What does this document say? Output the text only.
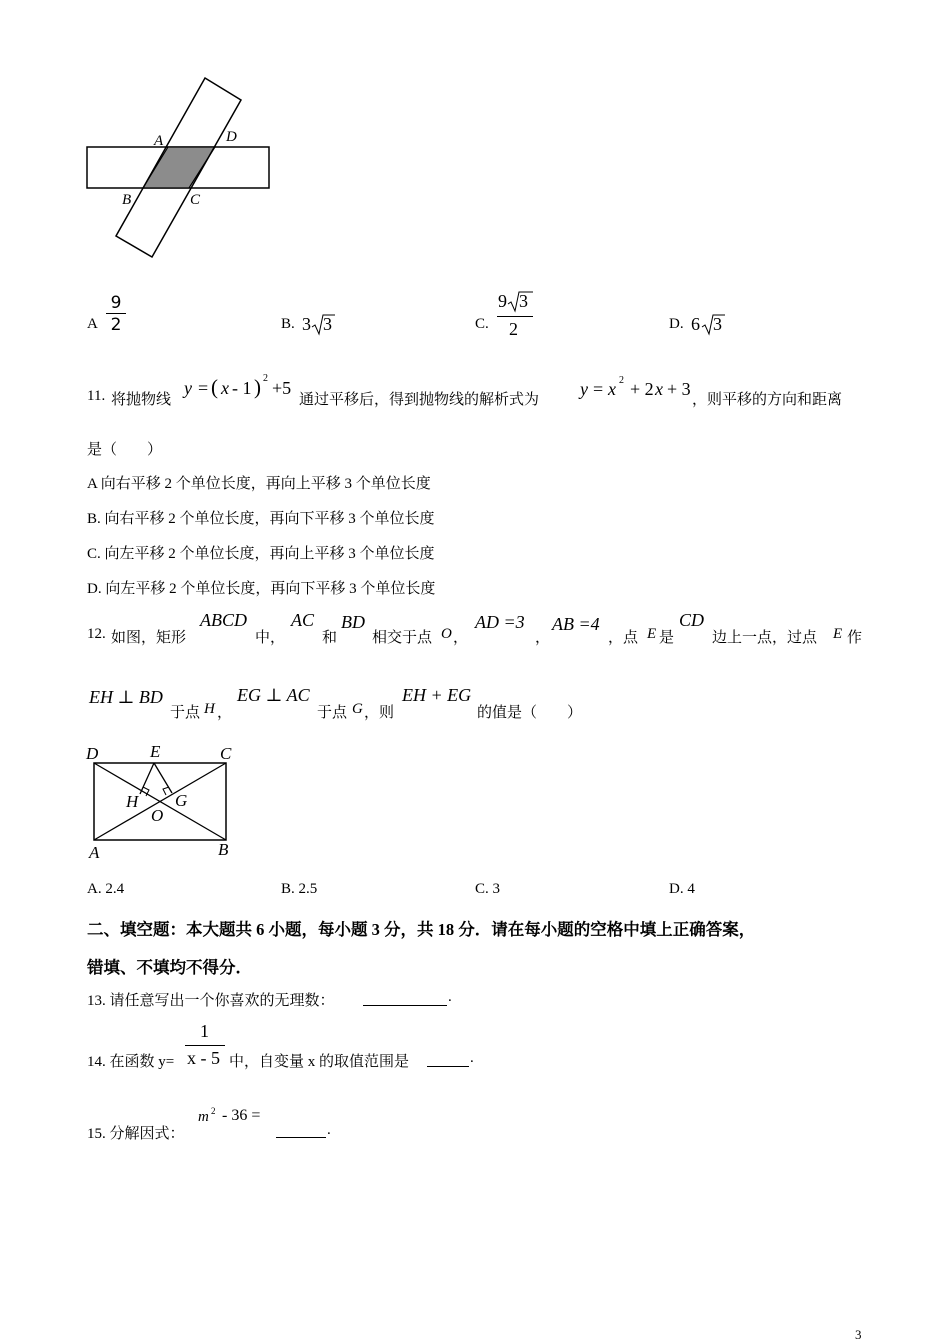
A	D
B	C
A $\frac{9}{2}$	B. 3 3	C.
9 3
2	D. 6 3
11. 将抛物线
y = ( x - 1 ) 2 +5
通过平移后，得到抛物线的解析式为
y = x 2 + 2 x + 3
，则平移的方向和距离
是（　　）
A 向右平移 2 个单位长度，再向上平移 3 个单位长度
B. 向右平移 2 个单位长度，再向下平移 3 个单位长度
C. 向左平移 2 个单位长度，再向上平移 3 个单位长度
D. 向左平移 2 个单位长度，再向下平移 3 个单位长度
12. 如图，矩形
ABCD
中，
AC
和
BD
相交于点 O ，
AD =3
，
AB =4
，点 E 是
CD
边上一点，过点 E 作
EH ⊥ BD
于点 H ，
EG ⊥ AC
于点 G ，则
EH + EG
的值是（　　）
D	E	C
H G
O
A	B
A. 2.4	B. 2.5	C. 3	D. 4
二、填空题：本大题共 6 小题，每小题 3 分，共 18 分．请在每小题的空格中填上正确答案，
错填、不填均不得分．
13. 请任意写出一个你喜欢的无理数：	.
14. 在函数 y=
1
x - 5 中，自变量 x 的取值范围是	.
15. 分解因式：
m 2 - 36 =
.
3
